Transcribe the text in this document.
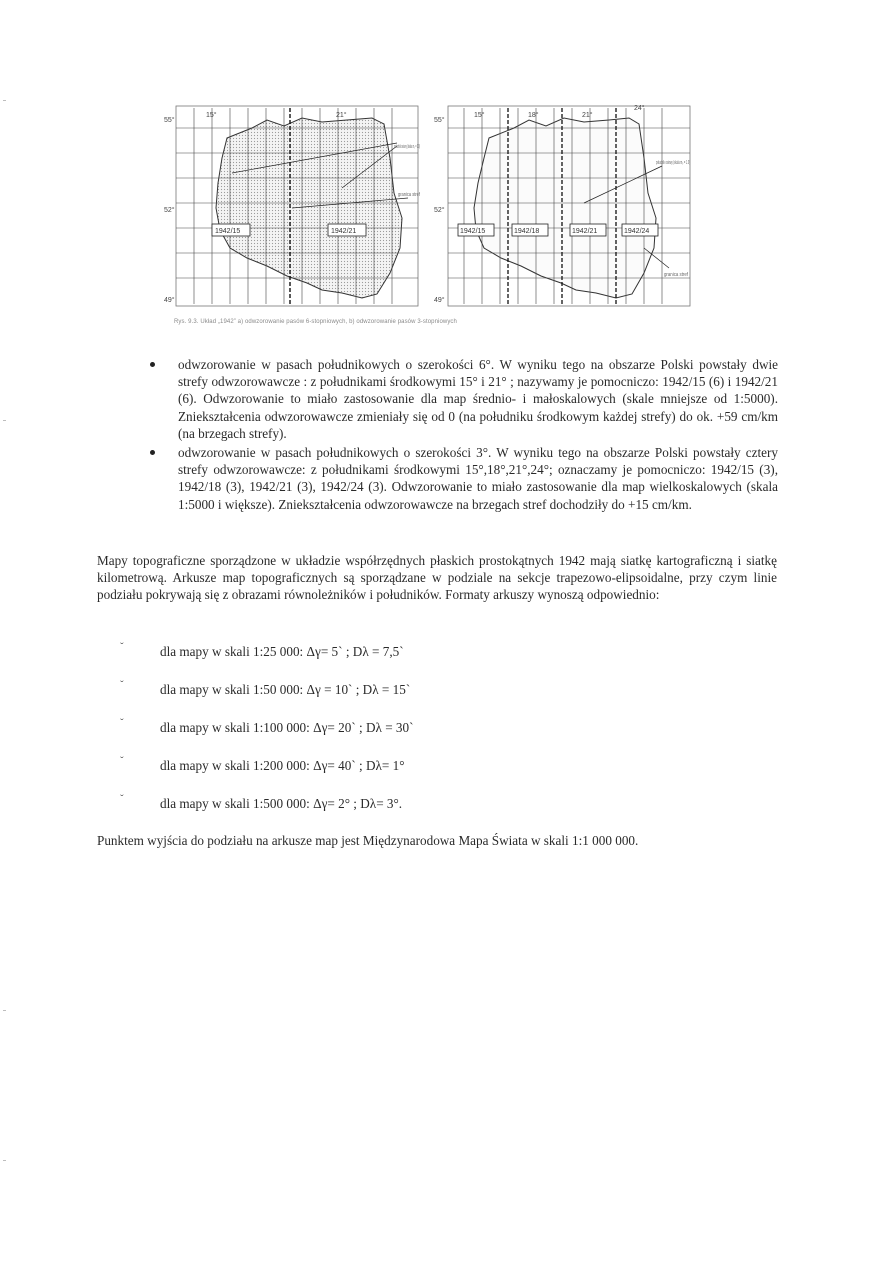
15°	21°
55°
52°
49°
1942/15	1942/21
południk osiowy (skala m₀ = 1.0)
granica stref
15°	18°	21°
24°
55°
52°
49°
1942/15	1942/18	1942/21	1942/24
południk osiowy (skala m₀ = 1.0)
granica stref
Rys. 9.3. Układ „1942” a) odwzorowanie pasów 6-stopniowych, b) odwzorowanie pasów 3-stopniowych

odwzorowanie w pasach południkowych o szerokości 6°. W wyniku tego na obszarze Polski powstały dwie strefy odwzorowawcze : z południkami środkowymi 15° i 21° ; nazywamy je pomocniczo: 1942/15 (6) i 1942/21 (6). Odwzorowanie to miało zastosowanie dla map średnio- i małoskalowych (skale mniejsze od 1:5000). Zniekształcenia odwzorowawcze zmieniały się od 0 (na południku środkowym każdej strefy) do ok. +59 cm/km (na brzegach strefy).

odwzorowanie w pasach południkowych o szerokości 3°. W wyniku tego na obszarze Polski powstały cztery strefy odwzorowawcze: z południkami środkowymi 15°,18°,21°,24°; oznaczamy je pomocniczo: 1942/15 (3), 1942/18 (3), 1942/21 (3), 1942/24 (3). Odwzorowanie to miało zastosowanie dla map wielkoskalowych (skala 1:5000 i większe). Zniekształcenia odwzorowawcze na brzegach stref dochodziły do +15 cm/km.

Mapy topograficzne sporządzone w układzie współrzędnych płaskich prostokątnych 1942 mają siatkę kartograficzną i siatkę kilometrową. Arkusze map topograficznych są sporządzane w podziale na sekcje trapezowo-elipsoidalne, przy czym linie podziału pokrywają się z obrazami równoleżników i południków. Formaty arkuszy wynoszą odpowiednio:

ˇ	dla mapy w skali 1:25 000: Δγ= 5` ; Dλ = 7,5`
ˇ	dla mapy w skali 1:50 000: Δγ = 10` ; Dλ = 15`
ˇ	dla mapy w skali 1:100 000: Δγ= 20` ; Dλ = 30`
ˇ	dla mapy w skali 1:200 000: Δγ= 40` ; Dλ= 1°
ˇ	dla mapy w skali 1:500 000: Δγ= 2° ; Dλ= 3°.

Punktem wyjścia do podziału na arkusze map jest Międzynarodowa Mapa Świata w skali 1:1 000 000.
